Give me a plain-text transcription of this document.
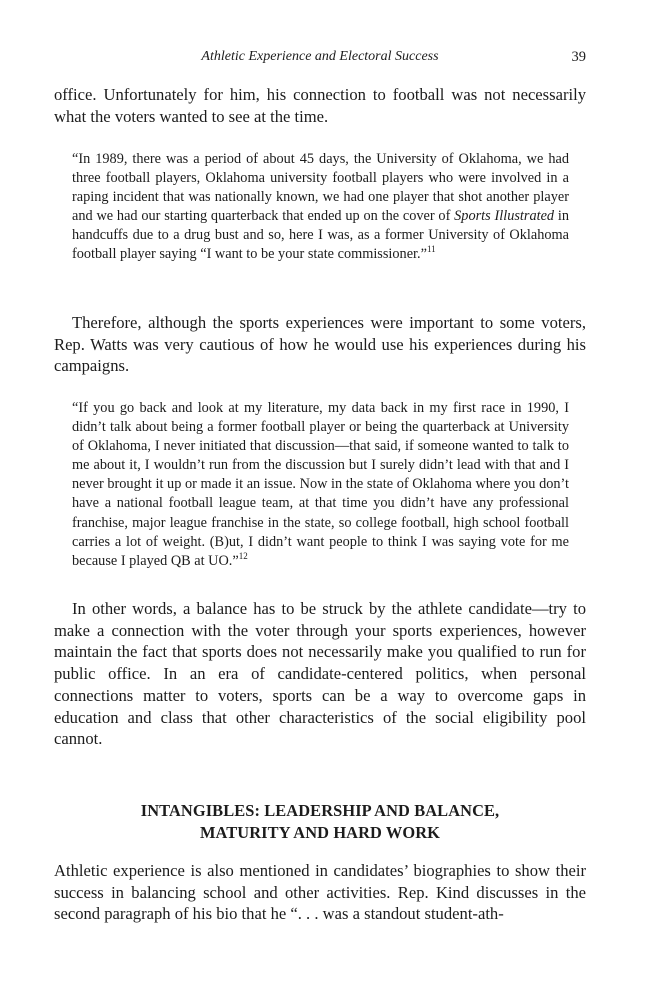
Athletic Experience and Electoral Success	39

office. Unfortunately for him, his connection to football was not necessarily what the voters wanted to see at the time.

“In 1989, there was a period of about 45 days, the University of Oklahoma, we had three football players, Oklahoma university football players who were involved in a raping incident that was nationally known, we had one player that shot another player and we had our starting quarterback that ended up on the cover of Sports Illustrated in handcuffs due to a drug bust and so, here I was, as a former University of Oklahoma football player saying “I want to be your state commissioner.”$^{11}$

Therefore, although the sports experiences were important to some voters, Rep. Watts was very cautious of how he would use his experiences during his campaigns.

“If you go back and look at my literature, my data back in my first race in 1990, I didn’t talk about being a former football player or being the quarterback at University of Oklahoma, I never initiated that discussion—that said, if someone wanted to talk to me about it, I wouldn’t run from the discussion but I surely didn’t lead with that and I never brought it up or made it an issue. Now in the state of Oklahoma where you don’t have a national football league team, at that time you didn’t have any professional franchise, major league franchise in the state, so college football, high school football carries a lot of weight. (B)ut, I didn’t want people to think I was saying vote for me because I played QB at UO.”$^{12}$

In other words, a balance has to be struck by the athlete candidate—try to make a connection with the voter through your sports experiences, however maintain the fact that sports does not necessarily make you qualified to run for public office. In an era of candidate-centered politics, when personal connections matter to voters, sports can be a way to overcome gaps in education and class that other characteristics of the social eligibility pool cannot.

INTANGIBLES: LEADERSHIP AND BALANCE,
MATURITY AND HARD WORK

Athletic experience is also mentioned in candidates’ biographies to show their success in balancing school and other activities. Rep. Kind discusses in the second paragraph of his bio that he “. . . was a standout student-ath-
